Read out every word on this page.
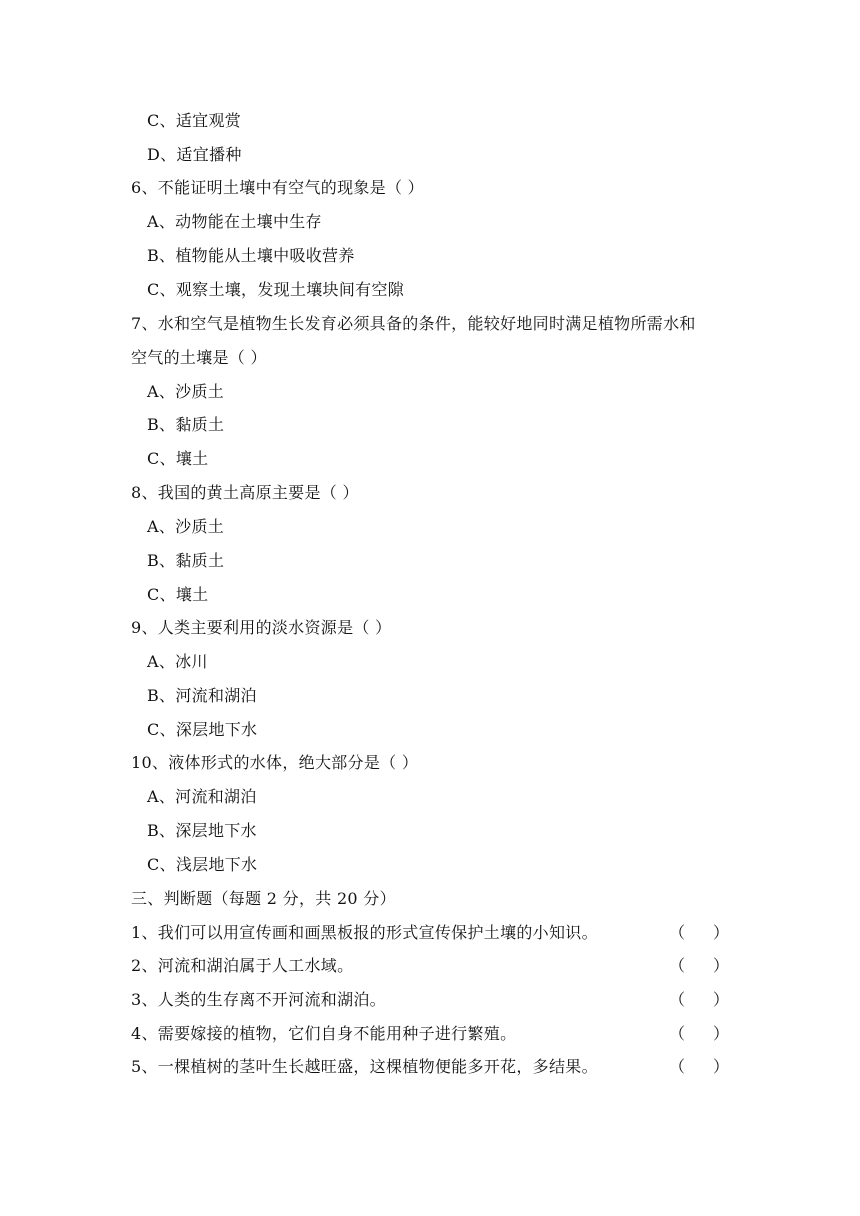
C、适宜观赏
D、适宜播种
6、不能证明土壤中有空气的现象是（ ）
A、动物能在土壤中生存
B、植物能从土壤中吸收营养
C、观察土壤，发现土壤块间有空隙
7、水和空气是植物生长发育必须具备的条件，能较好地同时满足植物所需水和
空气的土壤是（ ）
A、沙质土
B、黏质土
C、壤土
8、我国的黄土高原主要是（ ）
A、沙质土
B、黏质土
C、壤土
9、人类主要利用的淡水资源是（ ）
A、冰川
B、河流和湖泊
C、深层地下水
10、液体形式的水体，绝大部分是（ ）
A、河流和湖泊
B、深层地下水
C、浅层地下水
三、判断题（每题 2 分，共 20 分）
1、我们可以用宣传画和画黑板报的形式宣传保护土壤的小知识。	（ ）
2、河流和湖泊属于人工水域。	（ ）
3、人类的生存离不开河流和湖泊。	（ ）
4、需要嫁接的植物，它们自身不能用种子进行繁殖。	（ ）
5、一棵植树的茎叶生长越旺盛，这棵植物便能多开花，多结果。	（ ）
